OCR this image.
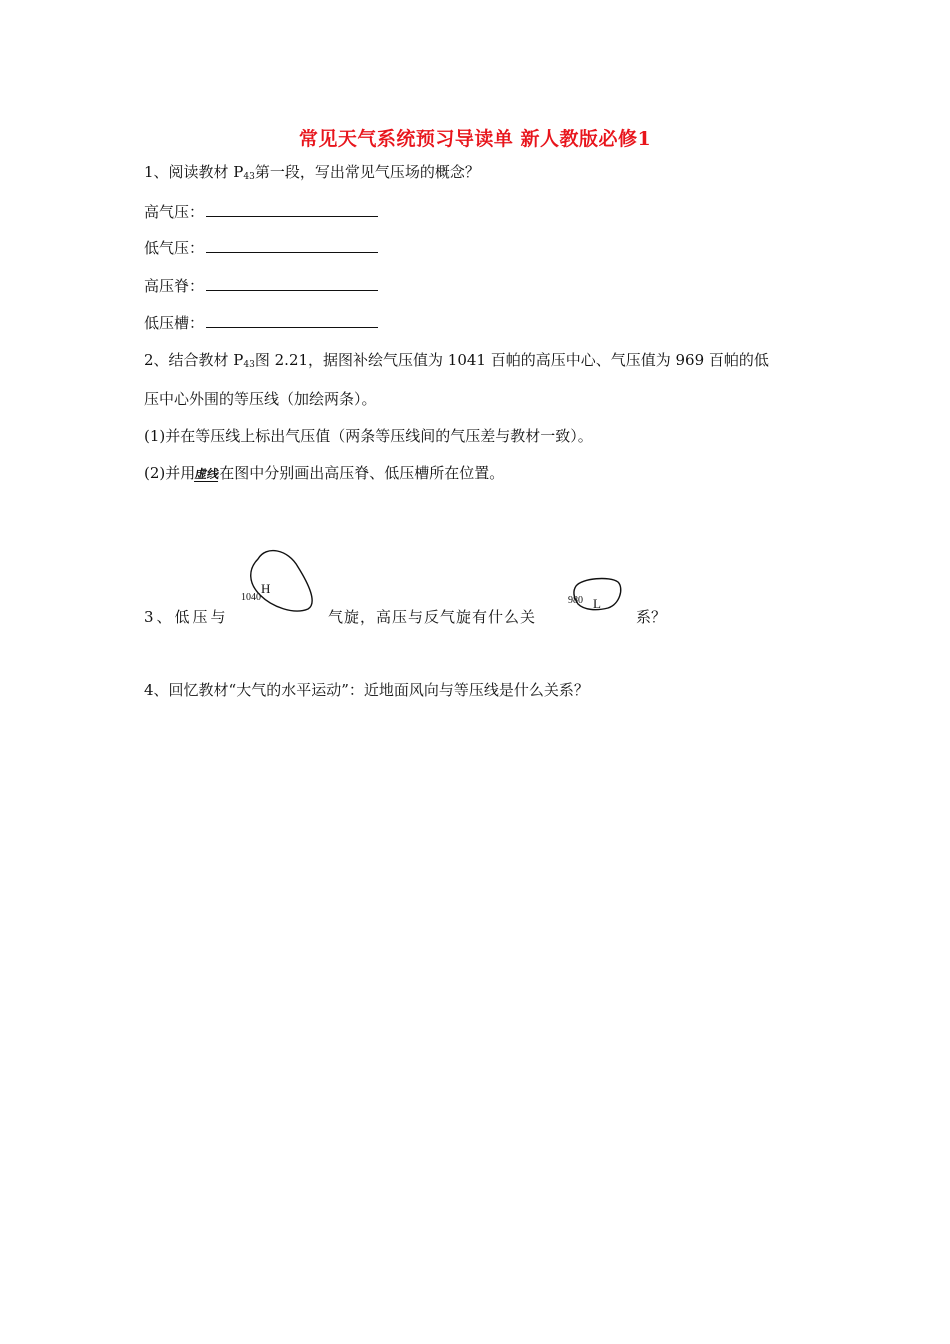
常见天气系统预习导读单 新人教版必修1
1、阅读教材 $P_{43}$第一段，写出常见气压场的概念？
高气压：
低气压：
高压脊：
低压槽：
2、结合教材 $P_{43}$图 2.21，据图补绘气压值为 1041 百帕的高压中心、气压值为 969 百帕的低
压中心外围的等压线（加绘两条）。
(1)并在等压线上标出气压值（两条等压线间的气压差与教材一致）。
(2)并用虚线在图中分别画出高压脊、低压槽所在位置。
3、低压与	气旋，高压与反气旋有什么关	系？
H
1040	L
980
4、回忆教材“大气的水平运动”：近地面风向与等压线是什么关系？
